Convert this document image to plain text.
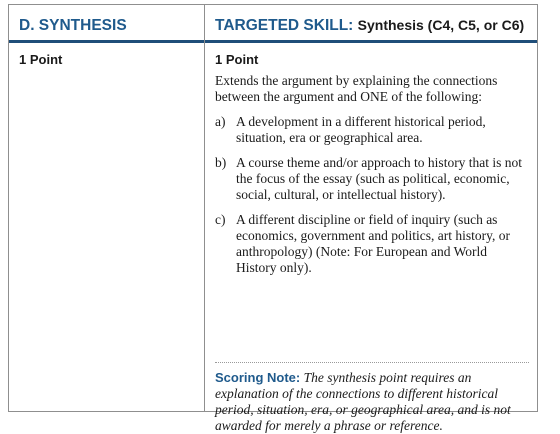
D. SYNTHESIS
1 Point
TARGETED SKILL: Synthesis (C4, C5, or C6)
1 Point
Extends the argument by explaining the connections between the argument and ONE of the following:
a) A development in a different historical period, situation, era or geographical area.
b) A course theme and/or approach to history that is not the focus of the essay (such as political, economic, social, cultural, or intellectual history).
c) A different discipline or field of inquiry (such as economics, government and politics, art history, or anthropology) (Note: For European and World History only).
Scoring Note: The synthesis point requires an explanation of the connections to different historical period, situation, era, or geographical area, and is not awarded for merely a phrase or reference.
